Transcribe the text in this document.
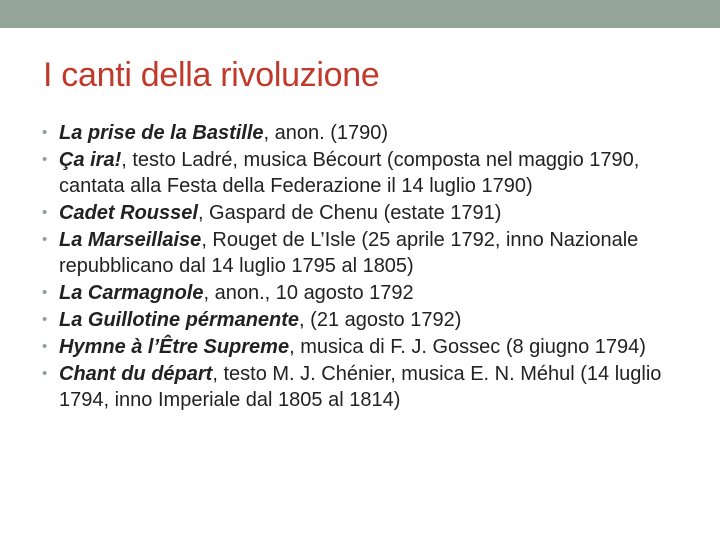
I canti della rivoluzione
• La prise de la Bastille, anon. (1790)
• Ça ira!, testo Ladré, musica Bécourt (composta nel maggio 1790, cantata alla Festa della Federazione il 14 luglio 1790)
• Cadet Roussel, Gaspard de Chenu (estate 1791)
• La Marseillaise, Rouget de L’Isle (25 aprile 1792, inno Nazionale repubblicano dal 14 luglio 1795 al 1805)
• La Carmagnole, anon., 10 agosto 1792
• La Guillotine pérmanente, (21 agosto 1792)
• Hymne à l’Être Supreme, musica di F. J. Gossec (8 giugno 1794)
• Chant du départ, testo M. J. Chénier, musica E. N. Méhul (14 luglio 1794, inno Imperiale dal 1805 al 1814)
